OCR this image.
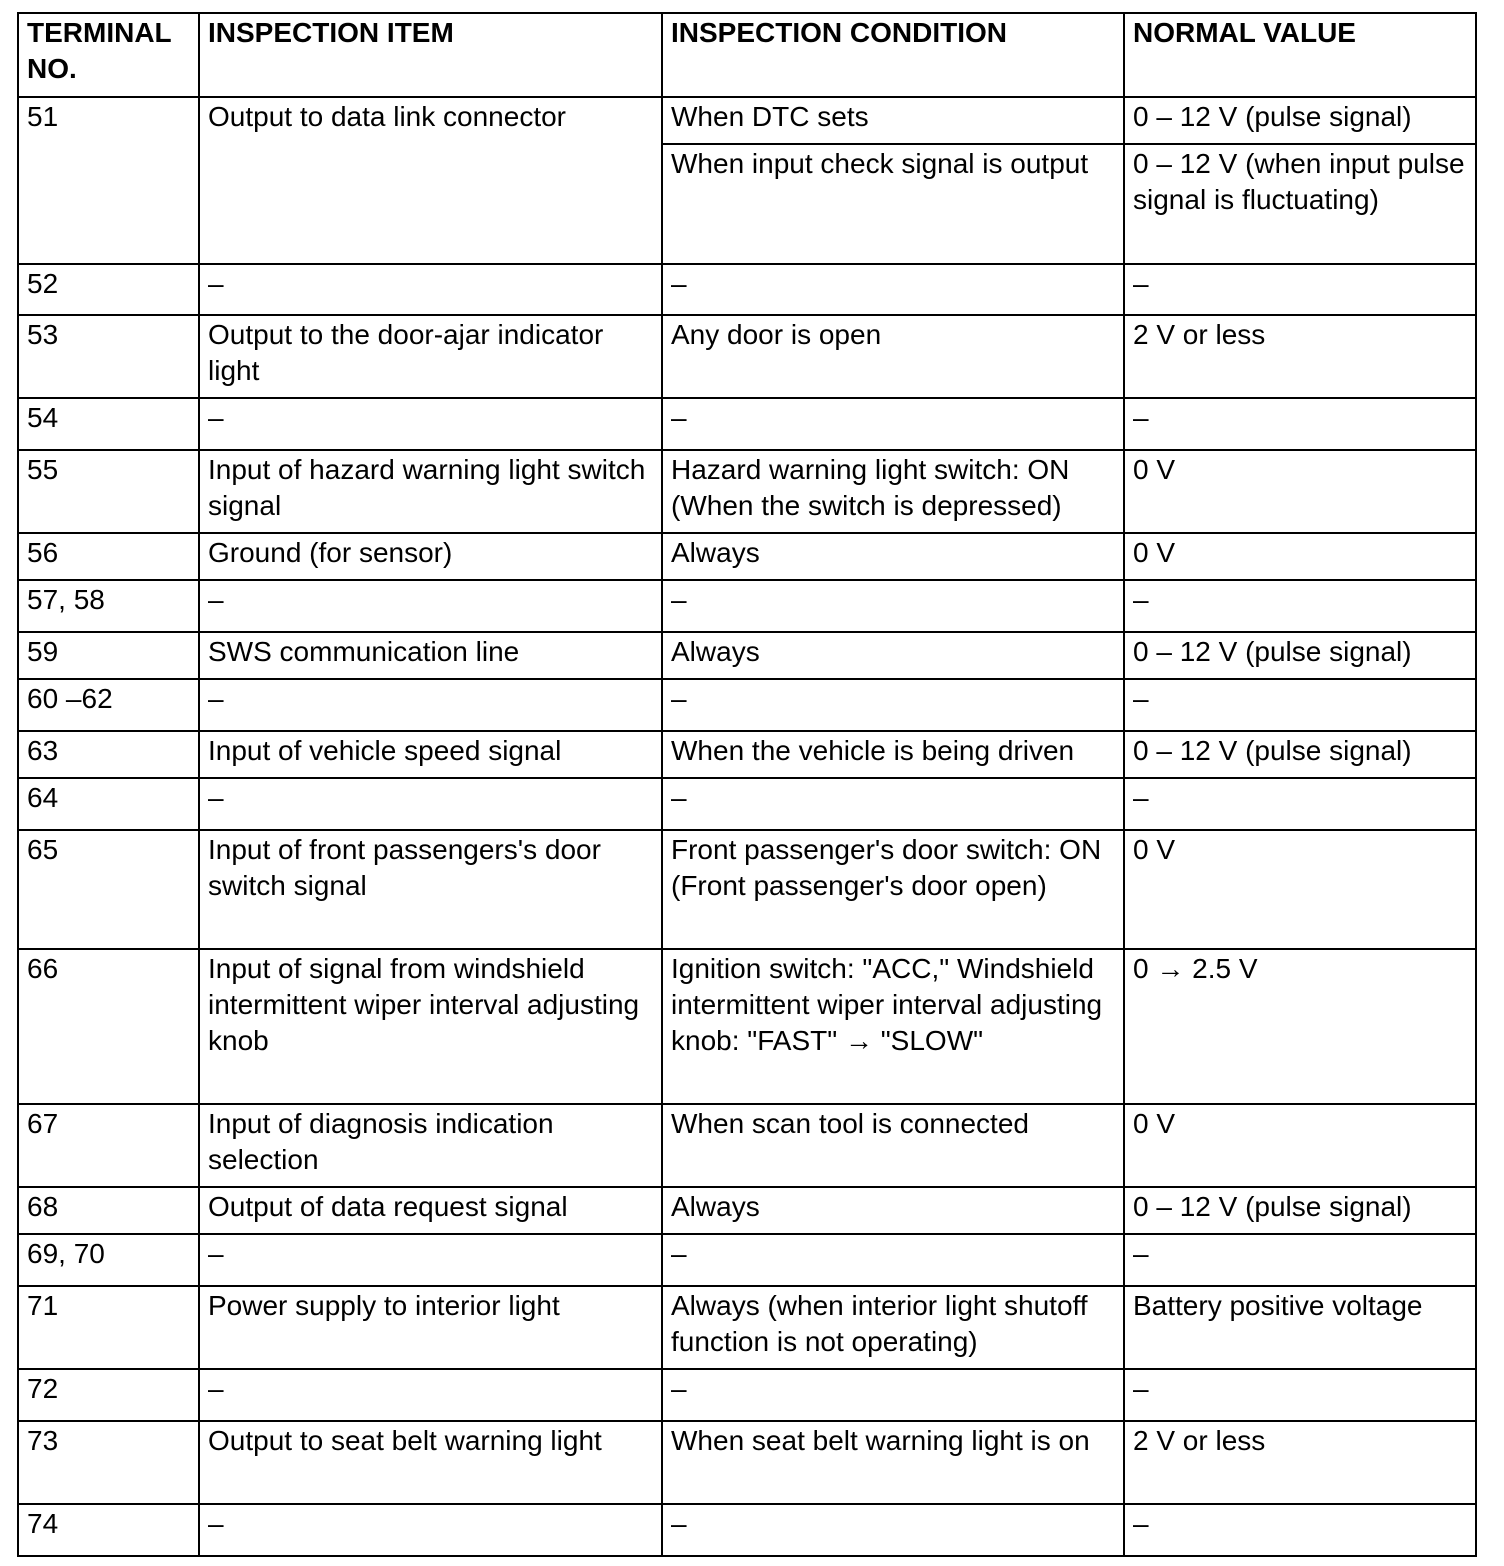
TERMINAL NO.	INSPECTION ITEM	INSPECTION CONDITION	NORMAL VALUE
51	Output to data link connector	When DTC sets	0 – 12 V (pulse signal)
		When input check signal is output	0 – 12 V (when input pulse signal is fluctuating)
52	–	–	–
53	Output to the door-ajar indicator light	Any door is open	2 V or less
54	–	–	–
55	Input of hazard warning light switch signal	Hazard warning light switch: ON (When the switch is depressed)	0 V
56	Ground (for sensor)	Always	0 V
57, 58	–	–	–
59	SWS communication line	Always	0 – 12 V (pulse signal)
60 –62	–	–	–
63	Input of vehicle speed signal	When the vehicle is being driven	0 – 12 V (pulse signal)
64	–	–	–
65	Input of front passengers's door switch signal	Front passenger's door switch: ON (Front passenger's door open)	0 V
66	Input of signal from windshield intermittent wiper interval adjusting knob	Ignition switch: "ACC," Windshield intermittent wiper interval adjusting knob: "FAST" → "SLOW"	0 → 2.5 V
67	Input of diagnosis indication selection	When scan tool is connected	0 V
68	Output of data request signal	Always	0 – 12 V (pulse signal)
69, 70	–	–	–
71	Power supply to interior light	Always (when interior light shutoff function is not operating)	Battery positive voltage
72	–	–	–
73	Output to seat belt warning light	When seat belt warning light is on	2 V or less
74	–	–	–
